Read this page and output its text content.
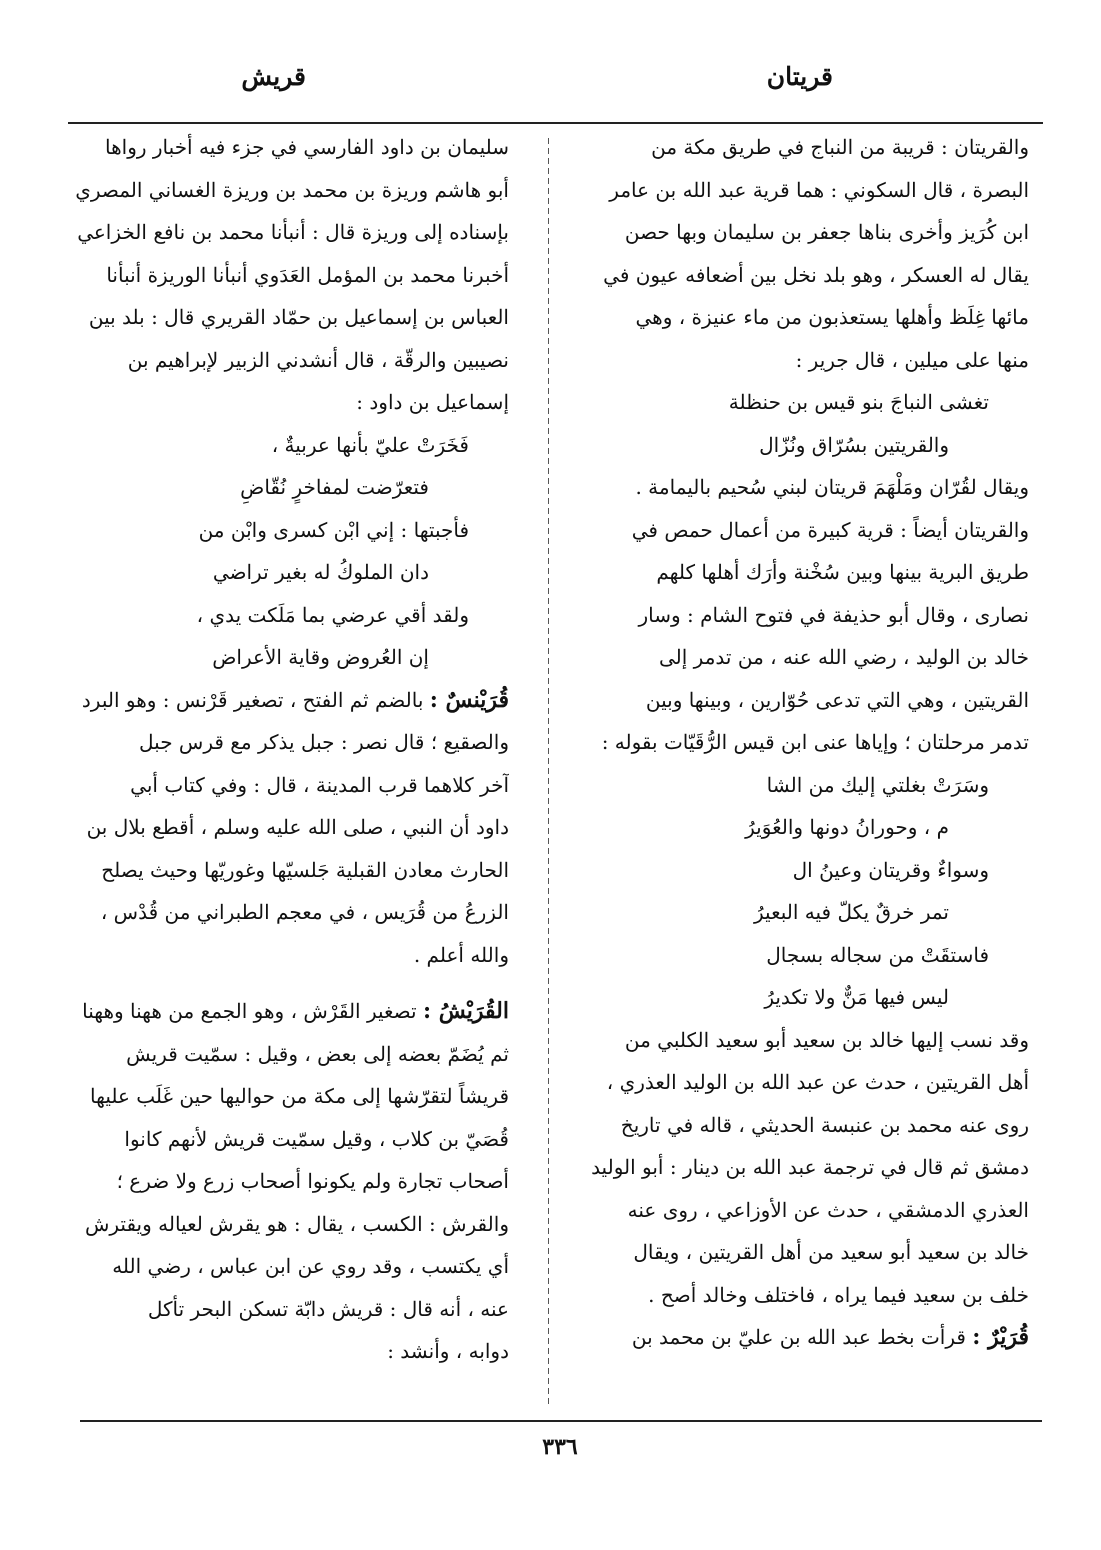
قريتان
قريش
والقريتان : قريبة من النباج في طريق مكة من
البصرة ، قال السكوني : هما قرية عبد الله بن عامر
ابن كُرَيز وأخرى بناها جعفر بن سليمان وبها حصن
يقال له العسكر ، وهو بلد نخل بين أضعافه عيون في
مائها غِلَظ وأهلها يستعذبون من ماء عنيزة ، وهي
منها على ميلين ، قال جرير :
تغشى النباجَ بنو قيس بن حنظلة
والقريتين بسُرّاق ونُزّال
ويقال لقُرّان ومَلْهَمَ قريتان لبني سُحيم باليمامة .
والقريتان أيضاً : قرية كبيرة من أعمال حمص في
طريق البرية بينها وبين سُخْنة وأرَك أهلها كلهم
نصارى ، وقال أبو حذيفة في فتوح الشام : وسار
خالد بن الوليد ، رضي الله عنه ، من تدمر إلى
القريتين ، وهي التي تدعى حُوّارين ، وبينها وبين
تدمر مرحلتان ؛ وإياها عنى ابن قيس الرُّقَيّات بقوله :
وسَرَتْ بغلتي إليك من الشا
م ، وحورانُ دونها والعُوَيرُ
وسواءٌ وقريتان وعينُ ال
تمر خرقٌ يكلّ فيه البعيرُ
فاستقَتْ من سجاله بسجال
ليس فيها مَنٌّ ولا تكديرُ
وقد نسب إليها خالد بن سعيد أبو سعيد الكلبي من
أهل القريتين ، حدث عن عبد الله بن الوليد العذري ،
روى عنه محمد بن عنبسة الحديثي ، قاله في تاريخ
دمشق ثم قال في ترجمة عبد الله بن دينار : أبو الوليد
العذري الدمشقي ، حدث عن الأوزاعي ، روى عنه
خالد بن سعيد أبو سعيد من أهل القريتين ، ويقال
خلف بن سعيد فيما يراه ، فاختلف وخالد أصح .
قُرَيْرٌ : قرأت بخط عبد الله بن عليّ بن محمد بن
سليمان بن داود الفارسي في جزء فيه أخبار رواها
أبو هاشم وريزة بن محمد بن وريزة الغساني المصري
بإسناده إلى وريزة قال : أنبأنا محمد بن نافع الخزاعي
أخبرنا محمد بن المؤمل العَدَوي أنبأنا الوريزة أنبأنا
العباس بن إسماعيل بن حمّاد القريري قال : بلد بين
نصيبين والرقّة ، قال أنشدني الزبير لإبراهيم بن
إسماعيل بن داود :
فَخَرَتْ عليّ بأنها عربيةٌ ،
فتعرّضت لمفاخرٍ نُقّاضِ
فأجبتها : إني ابْن كسرى وابْن من
دان الملوكُ له بغير تراضي
ولقد أقي عرضي بما مَلَكت يدي ،
إن العُروض وقاية الأعراض
قُرَيْنسٌ : بالضم ثم الفتح ، تصغير قَرْنس : وهو البرد
والصقيع ؛ قال نصر : جبل يذكر مع قرس جبل
آخر كلاهما قرب المدينة ، قال : وفي كتاب أبي
داود أن النبي ، صلى الله عليه وسلم ، أقطع بلال بن
الحارث معادن القبلية جَلسيّها وغوريّها وحيث يصلح
الزرعُ من قُرَيس ، في معجم الطبراني من قُدْس ،
والله أعلم .
القُرَيْشُ : تصغير القَرْش ، وهو الجمع من ههنا وههنا
ثم يُضَمّ بعضه إلى بعض ، وقيل : سمّيت قريش
قريشاً لتقرّشها إلى مكة من حواليها حين غَلَب عليها
قُصَيّ بن كلاب ، وقيل سمّيت قريش لأنهم كانوا
أصحاب تجارة ولم يكونوا أصحاب زرع ولا ضرع ؛
والقرش : الكسب ، يقال : هو يقرش لعياله ويقترش
أي يكتسب ، وقد روي عن ابن عباس ، رضي الله
عنه ، أنه قال : قريش دابّة تسكن البحر تأكل
دوابه ، وأنشد :
٣٣٦
